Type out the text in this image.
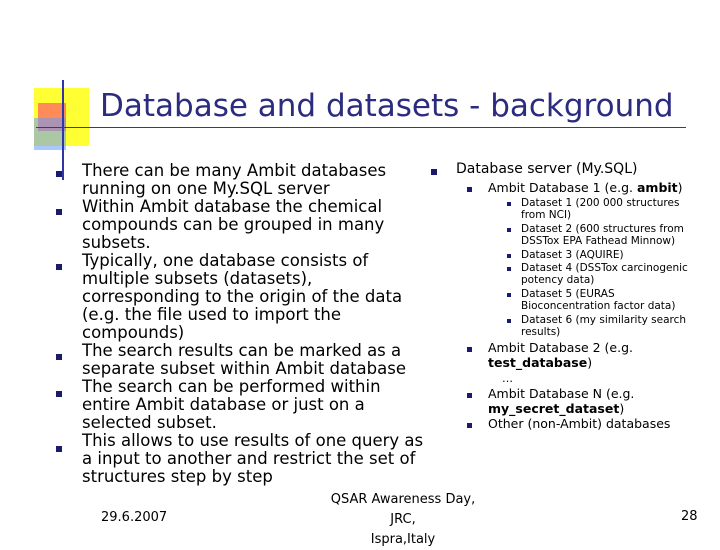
Database and datasets - background

There can be many Ambit databases running on one My.SQL server

Within Ambit database the chemical compounds can be grouped in many subsets.

Typically, one database consists of multiple subsets (datasets), corresponding to the origin of the data (e.g. the file used to import the compounds)

The search results can be marked as a separate subset within Ambit database

The search can be performed within entire Ambit database or just on a selected subset.

This allows to use results of one query as a input to another and restrict the set of structures step by step

Database server (My.SQL)
Ambit Database 1 (e.g. ambit)
Dataset 1 (200 000 structures from NCI)
Dataset 2 (600 structures from DSSTox EPA Fathead Minnow)
Dataset 3 (AQUIRE)
Dataset 4 (DSSTox carcinogenic potency data)
Dataset 5 (EURAS Bioconcentration factor data)
Dataset 6 (my similarity search results)
Ambit Database 2 (e.g.
test_database)
…
Ambit Database N (e.g.
my_secret_dataset)
Other (non-Ambit) databases
29.6.2007
QSAR Awareness Day, JRC,
Ispra,Italy
28
